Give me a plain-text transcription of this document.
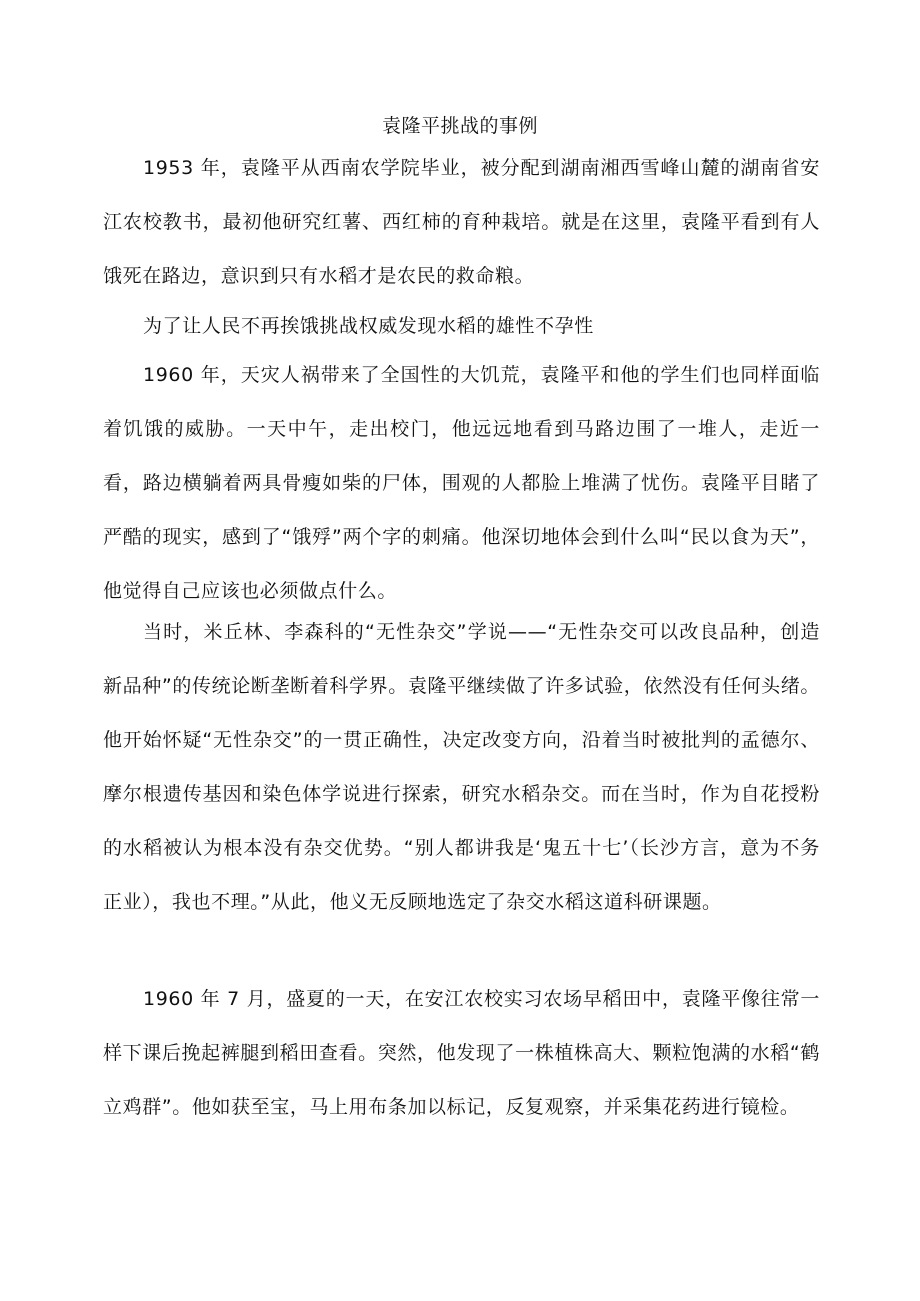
袁隆平挑战的事例

1953 年，袁隆平从西南农学院毕业，被分配到湖南湘西雪峰山麓的湖南省安江农校教书，最初他研究红薯、西红柿的育种栽培。就是在这里，袁隆平看到有人饿死在路边，意识到只有水稻才是农民的救命粮。

为了让人民不再挨饿挑战权威发现水稻的雄性不孕性

1960 年，天灾人祸带来了全国性的大饥荒，袁隆平和他的学生们也同样面临着饥饿的威胁。一天中午，走出校门，他远远地看到马路边围了一堆人，走近一看，路边横躺着两具骨瘦如柴的尸体，围观的人都脸上堆满了忧伤。袁隆平目睹了严酷的现实，感到了“饿殍”两个字的刺痛。他深切地体会到什么叫“民以食为天”，他觉得自己应该也必须做点什么。

当时，米丘林、李森科的“无性杂交”学说——“无性杂交可以改良品种，创造新品种”的传统论断垄断着科学界。袁隆平继续做了许多试验，依然没有任何头绪。他开始怀疑“无性杂交”的一贯正确性，决定改变方向，沿着当时被批判的孟德尔、摩尔根遗传基因和染色体学说进行探索，研究水稻杂交。而在当时，作为自花授粉的水稻被认为根本没有杂交优势。“别人都讲我是‘鬼五十七’（长沙方言，意为不务正业），我也不理。”从此，他义无反顾地选定了杂交水稻这道科研课题。

1960 年 7 月，盛夏的一天，在安江农校实习农场早稻田中，袁隆平像往常一样下课后挽起裤腿到稻田查看。突然，他发现了一株植株高大、颗粒饱满的水稻“鹤 立鸡群”。他如获至宝，马上用布条加以标记，反复观察，并采集花药进行镜检。
